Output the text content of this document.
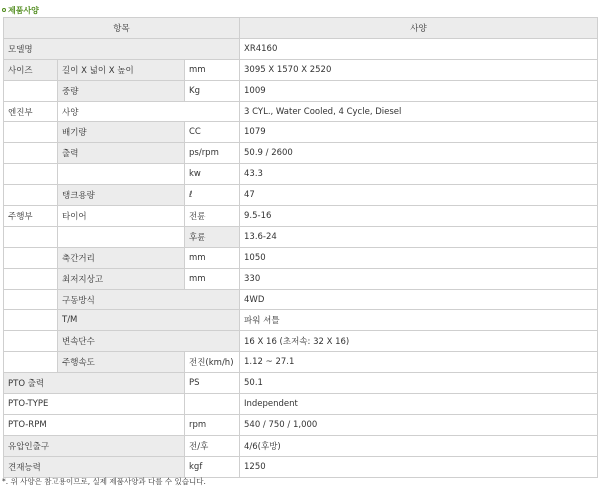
제품사양
항목			사양
모델명			XR4160
사이즈	길이 X 넓이 X 높이	mm	3095 X 1570 X 2520
	중량	Kg	1009
엔진부	사양		3 CYL., Water Cooled, 4 Cycle, Diesel
	배기량	CC	1079
	출력	ps/rpm	50.9 / 2600
		kw	43.3
	탱크용량	ℓ	47
주행부	타이어	전륜	9.5-16
		후륜	13.6-24
	축간거리	mm	1050
	최저지상고	mm	330
	구동방식		4WD
	T/M		파워 셔틀
	변속단수		16 X 16 (초저속: 32 X 16)
	주행속도	전진(km/h)	1.12 ~ 27.1
PTO 출력		PS	50.1
PTO-TYPE			Independent
PTO-RPM		rpm	540 / 750 / 1,000
유압인출구		전/후	4/6(후방)
견재능력		kgf	1250
*. 위 사양은 참고용이므로, 실제 제품사양과 다를 수 있습니다.
